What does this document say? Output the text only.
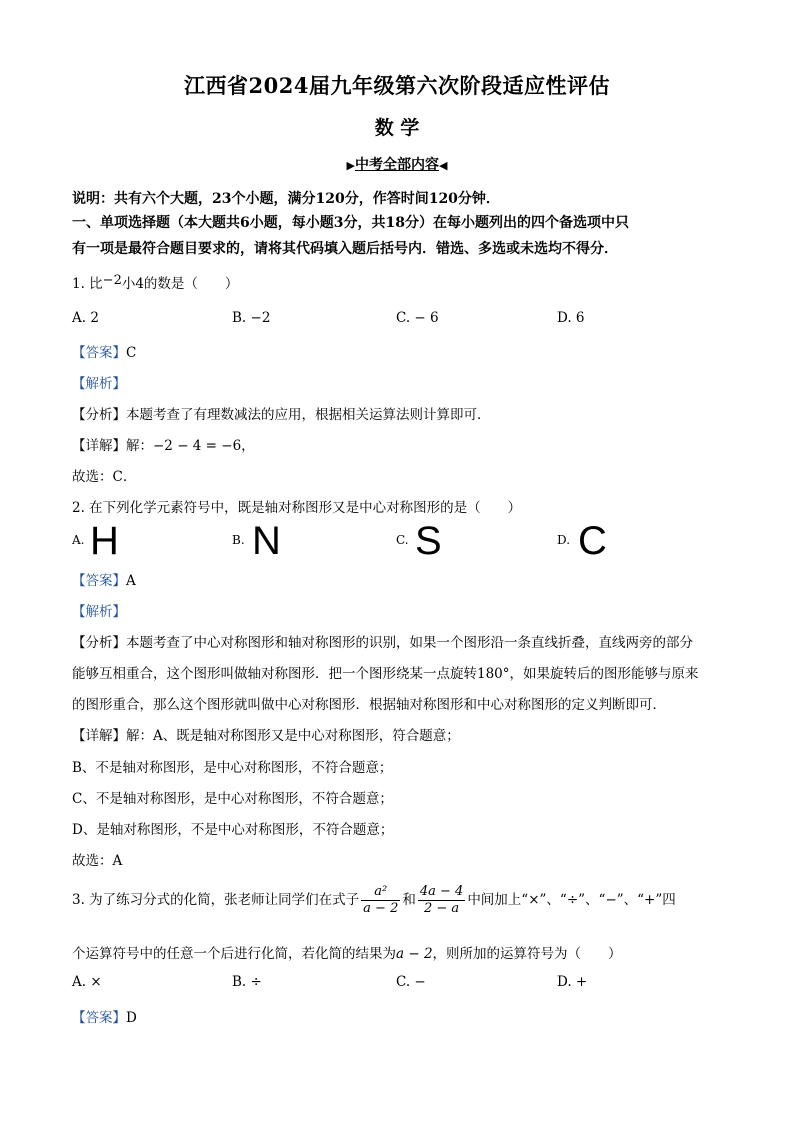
江西省2024届九年级第六次阶段适应性评估
数 学
▶中考全部内容◀
说明：共有六个大题，23个小题，满分120分，作答时间120分钟．
一、单项选择题（本大题共6小题，每小题3分，共18分）在每小题列出的四个备选项中只
有一项是最符合题目要求的，请将其代码填入题后括号内．错选、多选或未选均不得分．
1. 比$^{-2}$小4的数是（　　）
A. 2	B. −2	C. − 6	D. 6
【答案】C
【解析】
【分析】本题考查了有理数减法的应用，根据相关运算法则计算即可．
【详解】解：−2 − 4 = −6，
故选：C．
2. 在下列化学元素符号中，既是轴对称图形又是中心对称图形的是（　　）
A. H	B. N	C. S	D. C
【答案】A
【解析】
【分析】本题考查了中心对称图形和轴对称图形的识别，如果一个图形沿一条直线折叠，直线两旁的部分
能够互相重合，这个图形叫做轴对称图形．把一个图形绕某一点旋转180°，如果旋转后的图形能够与原来
的图形重合，那么这个图形就叫做中心对称图形．根据轴对称图形和中心对称图形的定义判断即可．
【详解】解：A、既是轴对称图形又是中心对称图形，符合题意；
B、不是轴对称图形，是中心对称图形，不符合题意；
C、不是轴对称图形，是中心对称图形，不符合题意；
D、是轴对称图形，不是中心对称图形，不符合题意；
故选：A
3. 为了练习分式的化简，张老师让同学们在式子 $\frac{\text{a²}}{a - 2}$ 和 $\frac{4a - 4}{2 - a}$ 中间加上“×”、“÷”、“−”、“+”四
个运算符号中的任意一个后进行化简，若化简的结果为a − 2，则所加的运算符号为（　　）
A. ×	B. ÷	C. −	D. +
【答案】D
